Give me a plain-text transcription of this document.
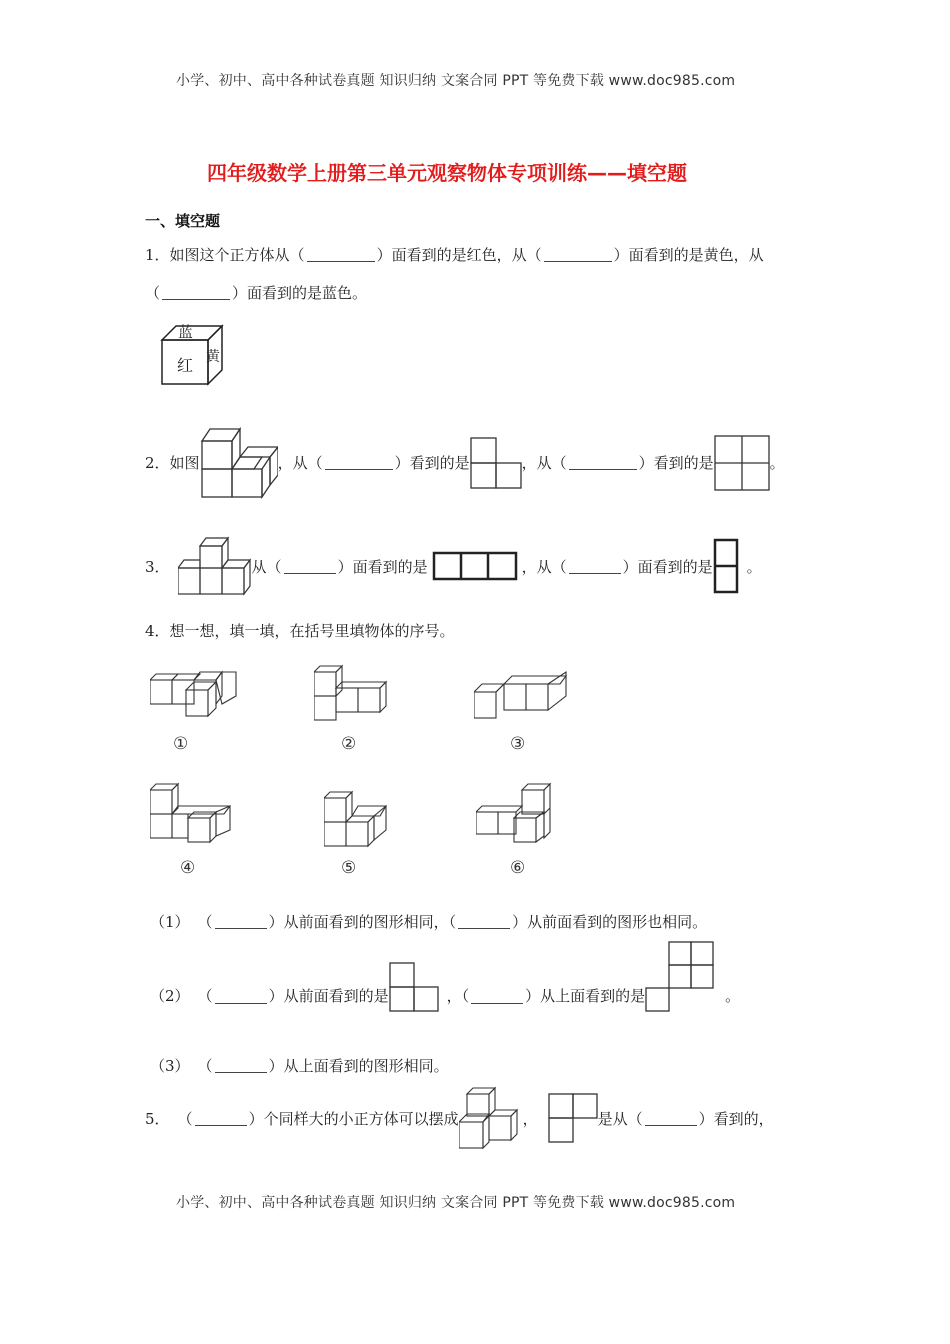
小学、初中、高中各种试卷真题 知识归纳 文案合同 PPT 等免费下载 www.doc985.com
四年级数学上册第三单元观察物体专项训练——填空题
一、填空题
1． 如图这个正方体从（	）面看到的是红色，从（	）面看到的是黄色，从
（	）面看到的是蓝色。
蓝
红 黄
2． 如图	，从（	）看到的是	，从（	）看到的是	。
3．	从（	）面看到的是	，从（	）面看到的是 。
4． 想一想，填一填，在括号里填物体的序号。
①	②	③
④	⑤	⑥
（1） （	）从前面看到的图形相同，（	）从前面看到的图形也相同。
（2） （	）从前面看到的是	，（	）从上面看到的是	。
（3） （	）从上面看到的图形相同。
5． （	）个同样大的小正方体可以摆成	，	是从（	）看到的，
小学、初中、高中各种试卷真题 知识归纳 文案合同 PPT 等免费下载 www.doc985.com
